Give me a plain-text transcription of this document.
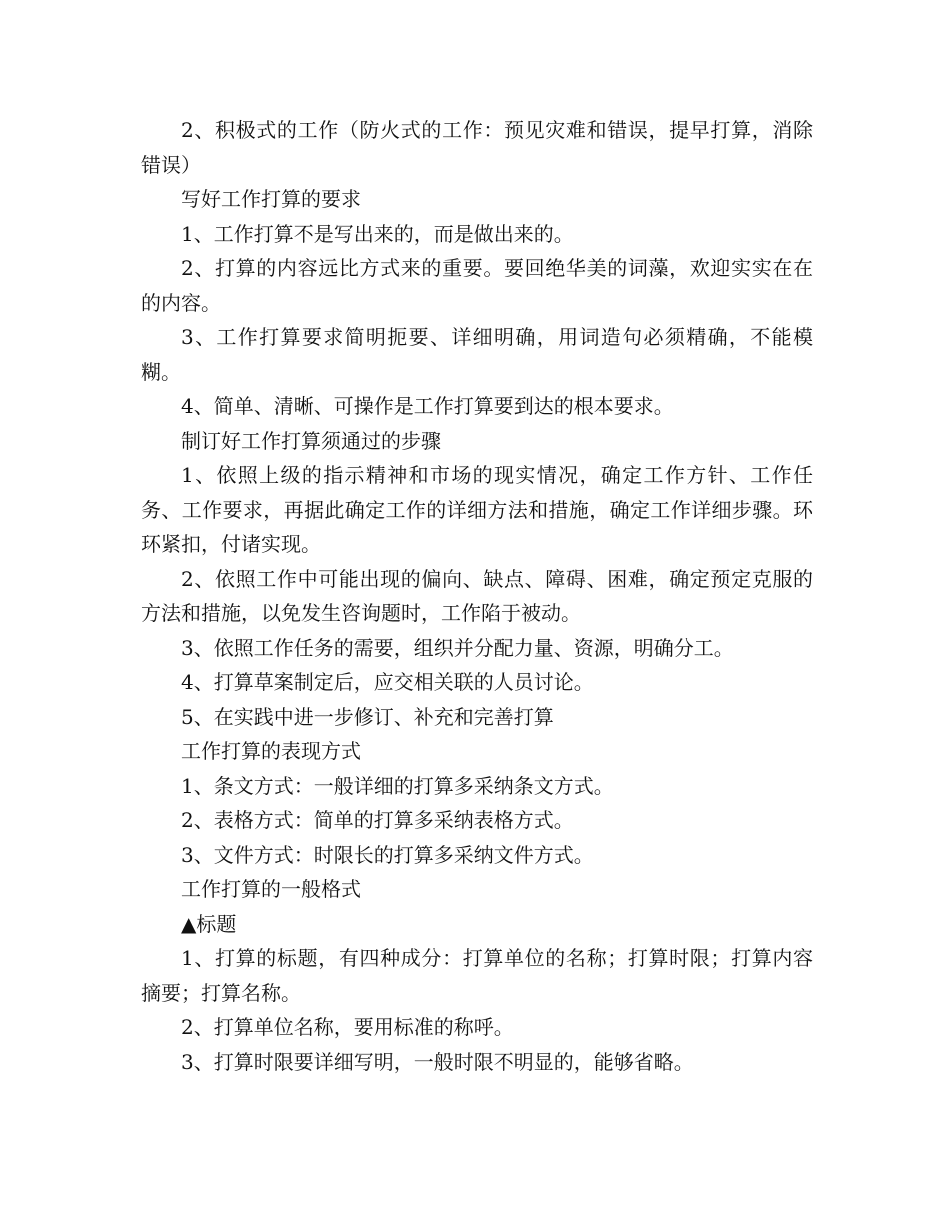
2、积极式的工作（防火式的工作：预见灾难和错误，提早打算，消除错误）

写好工作打算的要求

1、工作打算不是写出来的，而是做出来的。

2、打算的内容远比方式来的重要。要回绝华美的词藻，欢迎实实在在的内容。

3、工作打算要求简明扼要、详细明确，用词造句必须精确，不能模糊。

4、简单、清晰、可操作是工作打算要到达的根本要求。

制订好工作打算须通过的步骤

1、依照上级的指示精神和市场的现实情况，确定工作方针、工作任务、工作要求，再据此确定工作的详细方法和措施，确定工作详细步骤。环环紧扣，付诸实现。

2、依照工作中可能出现的偏向、缺点、障碍、困难，确定预定克服的方法和措施，以免发生咨询题时，工作陷于被动。

3、依照工作任务的需要，组织并分配力量、资源，明确分工。

4、打算草案制定后，应交相关联的人员讨论。

5、在实践中进一步修订、补充和完善打算

工作打算的表现方式

1、条文方式：一般详细的打算多采纳条文方式。

2、表格方式：简单的打算多采纳表格方式。

3、文件方式：时限长的打算多采纳文件方式。

工作打算的一般格式

▲标题

1、打算的标题，有四种成分：打算单位的名称；打算时限；打算内容摘要；打算名称。

2、打算单位名称，要用标准的称呼。

3、打算时限要详细写明，一般时限不明显的，能够省略。
